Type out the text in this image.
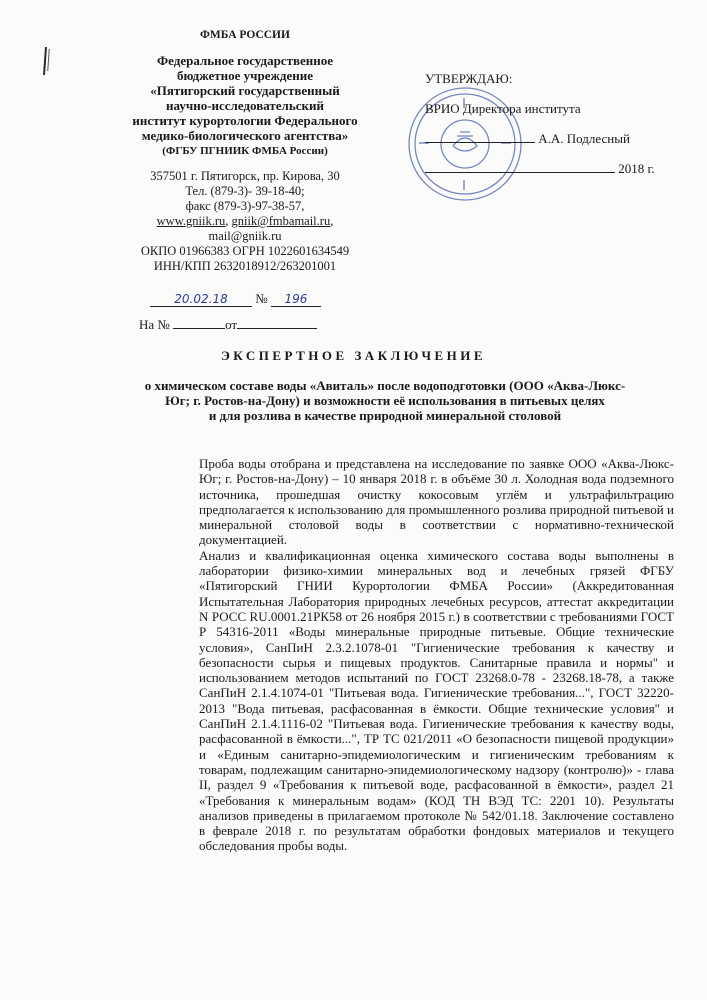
ФМБА РОССИИ
Федеральное государственное
бюджетное учреждение
«Пятигорский государственный
научно-исследовательский
институт курортологии Федерального
медико-биологического агентства»
(ФГБУ ПГНИИК ФМБА России)
357501 г. Пятигорск, пр. Кирова, 30
Тел. (879-3)- 39-18-40;
факс (879-3)-97-38-57,
www.gniik.ru, gniik@fmbamail.ru,
mail@gniik.ru
ОКПО 01966383 ОГРН 1022601634549
ИНН/КПП 2632018912/263201001
20.02.18 № 196
На №	от
УТВЕРЖДАЮ:
ВРИО Директора института
А.А. Подлесный
2018 г.
ЭКСПЕРТНОЕ ЗАКЛЮЧЕНИЕ
о химическом составе воды «Авиталь» после водоподготовки (ООО «Аква-Люкс-
Юг; г. Ростов-на-Дону) и возможности её использования в питьевых целях
и для розлива в качестве природной минеральной столовой

Проба воды отобрана и представлена на исследование по заявке ООО «Аква-Люкс-Юг; г. Ростов-на-Дону) – 10 января 2018 г. в объёме 30 л. Холодная вода подземного источника, прошедшая очистку кокосовым углём и ультрафильтрацию предполагается к использованию для промышленного розлива природной питьевой и минеральной столовой воды в соответствии с нормативно-технической документацией.

Анализ и квалификационная оценка химического состава воды выполнены в лаборатории физико-химии минеральных вод и лечебных грязей ФГБУ «Пятигорский ГНИИ Курортологии ФМБА России» (Аккредитованная Испытательная Лаборатория природных лечебных ресурсов, аттестат аккредитации N РОСС RU.0001.21РК58 от 26 ноября 2015 г.) в соответствии с требованиями ГОСТ Р 54316-2011 «Воды минеральные природные питьевые. Общие технические условия», СанПиН 2.3.2.1078-01 "Гигиенические требования к качеству и безопасности сырья и пищевых продуктов. Санитарные правила и нормы" и использованием методов испытаний по ГОСТ 23268.0-78 - 23268.18-78, а также СанПиН 2.1.4.1074-01 "Питьевая вода. Гигиенические требования...", ГОСТ 32220-2013 "Вода питьевая, расфасованная в ёмкости. Общие технические условия" и СанПиН 2.1.4.1116-02 "Питьевая вода. Гигиенические требования к качеству воды, расфасованной в ёмкости...", ТР ТС 021/2011 «О безопасности пищевой продукции» и «Единым санитарно-эпидемиологическим и гигиеническим требованиям к товарам, подлежащим санитарно-эпидемиологическому надзору (контролю)» - глава II, раздел 9 «Требования к питьевой воде, расфасованной в ёмкости», раздел 21 «Требования к минеральным водам» (КОД ТН ВЭД ТС: 2201 10). Результаты анализов приведены в прилагаемом протоколе № 542/01.18. Заключение составлено в феврале 2018 г. по результатам обработки фондовых материалов и текущего обследования пробы воды.
